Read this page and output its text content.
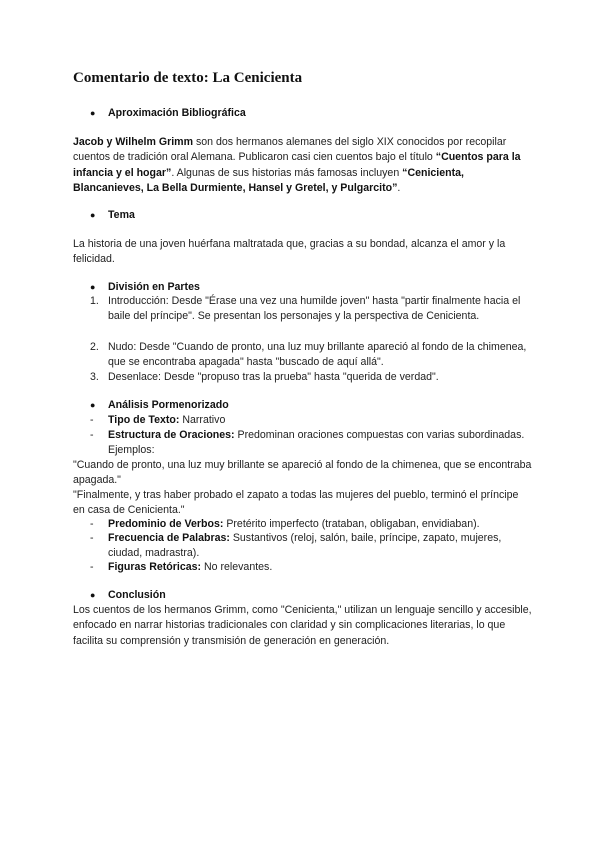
Comentario de texto: La Cenicienta
● Aproximación Bibliográfica

Jacob y Wilhelm Grimm son dos hermanos alemanes del siglo XIX conocidos por recopilar cuentos de tradición oral Alemana. Publicaron casi cien cuentos bajo el título “Cuentos para la infancia y el hogar”. Algunas de sus historias más famosas incluyen “Cenicienta, Blancanieves, La Bella Durmiente, Hansel y Gretel, y Pulgarcito”.

● Tema

La historia de una joven huérfana maltratada que, gracias a su bondad, alcanza el amor y la felicidad.

● División en Partes
1. Introducción: Desde "Érase una vez una humilde joven" hasta "partir finalmente hacia el baile del príncipe". Se presentan los personajes y la perspectiva de Cenicienta.
2. Nudo: Desde "Cuando de pronto, una luz muy brillante apareció al fondo de la chimenea, que se encontraba apagada" hasta "buscado de aquí allá".
3. Desenlace: Desde "propuso tras la prueba" hasta "querida de verdad".
● Análisis Pormenorizado
- Tipo de Texto: Narrativo
- Estructura de Oraciones: Predominan oraciones compuestas con varias subordinadas. Ejemplos:

"Cuando de pronto, una luz muy brillante se apareció al fondo de la chimenea, que se encontraba apagada."

"Finalmente, y tras haber probado el zapato a todas las mujeres del pueblo, terminó el príncipe en casa de Cenicienta."

- Predominio de Verbos: Pretérito imperfecto (trataban, obligaban, envidiaban).
- Frecuencia de Palabras: Sustantivos (reloj, salón, baile, príncipe, zapato, mujeres, ciudad, madrastra).
- Figuras Retóricas: No relevantes.
● Conclusión

Los cuentos de los hermanos Grimm, como "Cenicienta," utilizan un lenguaje sencillo y accesible, enfocado en narrar historias tradicionales con claridad y sin complicaciones literarias, lo que facilita su comprensión y transmisión de generación en generación.
